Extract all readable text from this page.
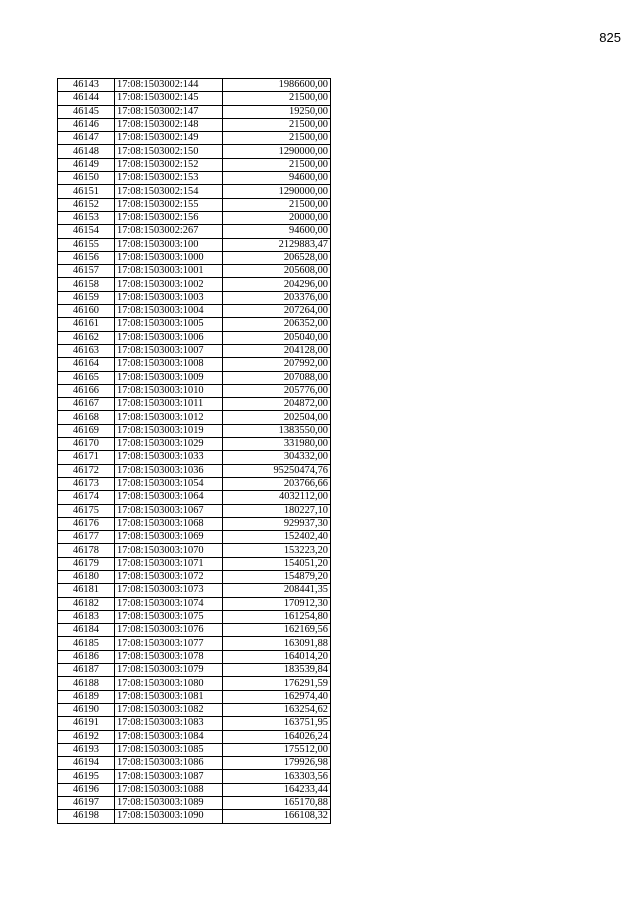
825
46143	17:08:1503002:144	1986600,00
46144	17:08:1503002:145	21500,00
46145	17:08:1503002:147	19250,00
46146	17:08:1503002:148	21500,00
46147	17:08:1503002:149	21500,00
46148	17:08:1503002:150	1290000,00
46149	17:08:1503002:152	21500,00
46150	17:08:1503002:153	94600,00
46151	17:08:1503002:154	1290000,00
46152	17:08:1503002:155	21500,00
46153	17:08:1503002:156	20000,00
46154	17:08:1503002:267	94600,00
46155	17:08:1503003:100	2129883,47
46156	17:08:1503003:1000	206528,00
46157	17:08:1503003:1001	205608,00
46158	17:08:1503003:1002	204296,00
46159	17:08:1503003:1003	203376,00
46160	17:08:1503003:1004	207264,00
46161	17:08:1503003:1005	206352,00
46162	17:08:1503003:1006	205040,00
46163	17:08:1503003:1007	204128,00
46164	17:08:1503003:1008	207992,00
46165	17:08:1503003:1009	207088,00
46166	17:08:1503003:1010	205776,00
46167	17:08:1503003:1011	204872,00
46168	17:08:1503003:1012	202504,00
46169	17:08:1503003:1019	1383550,00
46170	17:08:1503003:1029	331980,00
46171	17:08:1503003:1033	304332,00
46172	17:08:1503003:1036	95250474,76
46173	17:08:1503003:1054	203766,66
46174	17:08:1503003:1064	4032112,00
46175	17:08:1503003:1067	180227,10
46176	17:08:1503003:1068	929937,30
46177	17:08:1503003:1069	152402,40
46178	17:08:1503003:1070	153223,20
46179	17:08:1503003:1071	154051,20
46180	17:08:1503003:1072	154879,20
46181	17:08:1503003:1073	208441,35
46182	17:08:1503003:1074	170912,30
46183	17:08:1503003:1075	161254,80
46184	17:08:1503003:1076	162169,56
46185	17:08:1503003:1077	163091,88
46186	17:08:1503003:1078	164014,20
46187	17:08:1503003:1079	183539,84
46188	17:08:1503003:1080	176291,59
46189	17:08:1503003:1081	162974,40
46190	17:08:1503003:1082	163254,62
46191	17:08:1503003:1083	163751,95
46192	17:08:1503003:1084	164026,24
46193	17:08:1503003:1085	175512,00
46194	17:08:1503003:1086	179926,98
46195	17:08:1503003:1087	163303,56
46196	17:08:1503003:1088	164233,44
46197	17:08:1503003:1089	165170,88
46198	17:08:1503003:1090	166108,32
